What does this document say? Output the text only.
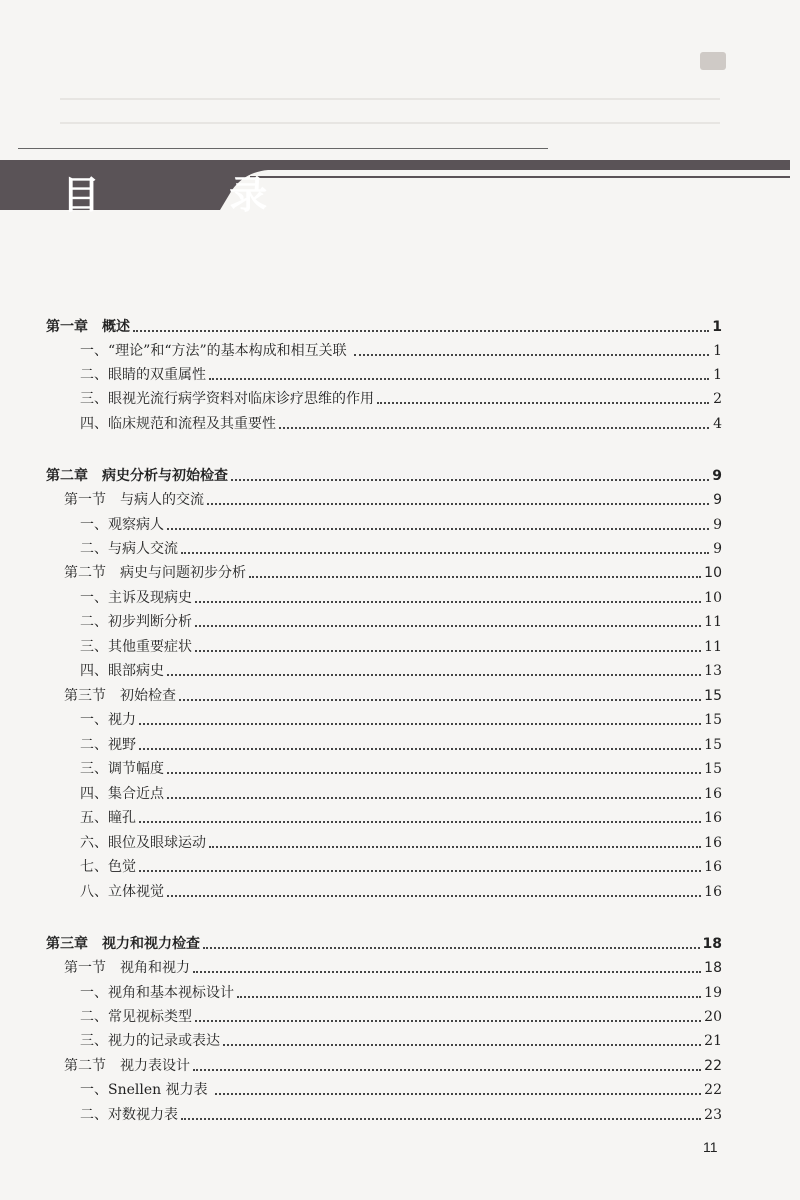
目 录
第一章　概述	1
一、“理论”和“方法”的基本构成和相互关联	1
二、眼睛的双重属性	1
三、眼视光流行病学资料对临床诊疗思维的作用	2
四、临床规范和流程及其重要性	4
第二章　病史分析与初始检查	9
第一节　与病人的交流	9
一、观察病人	9
二、与病人交流	9
第二节　病史与问题初步分析	10
一、主诉及现病史	10
二、初步判断分析	11
三、其他重要症状	11
四、眼部病史	13
第三节　初始检查	15
一、视力	15
二、视野	15
三、调节幅度	15
四、集合近点	16
五、瞳孔	16
六、眼位及眼球运动	16
七、色觉	16
八、立体视觉	16
第三章　视力和视力检查	18
第一节　视角和视力	18
一、视角和基本视标设计	19
二、常见视标类型	20
三、视力的记录或表达	21
第二节　视力表设计	22
一、Snellen 视力表	22
二、对数视力表	23
11
